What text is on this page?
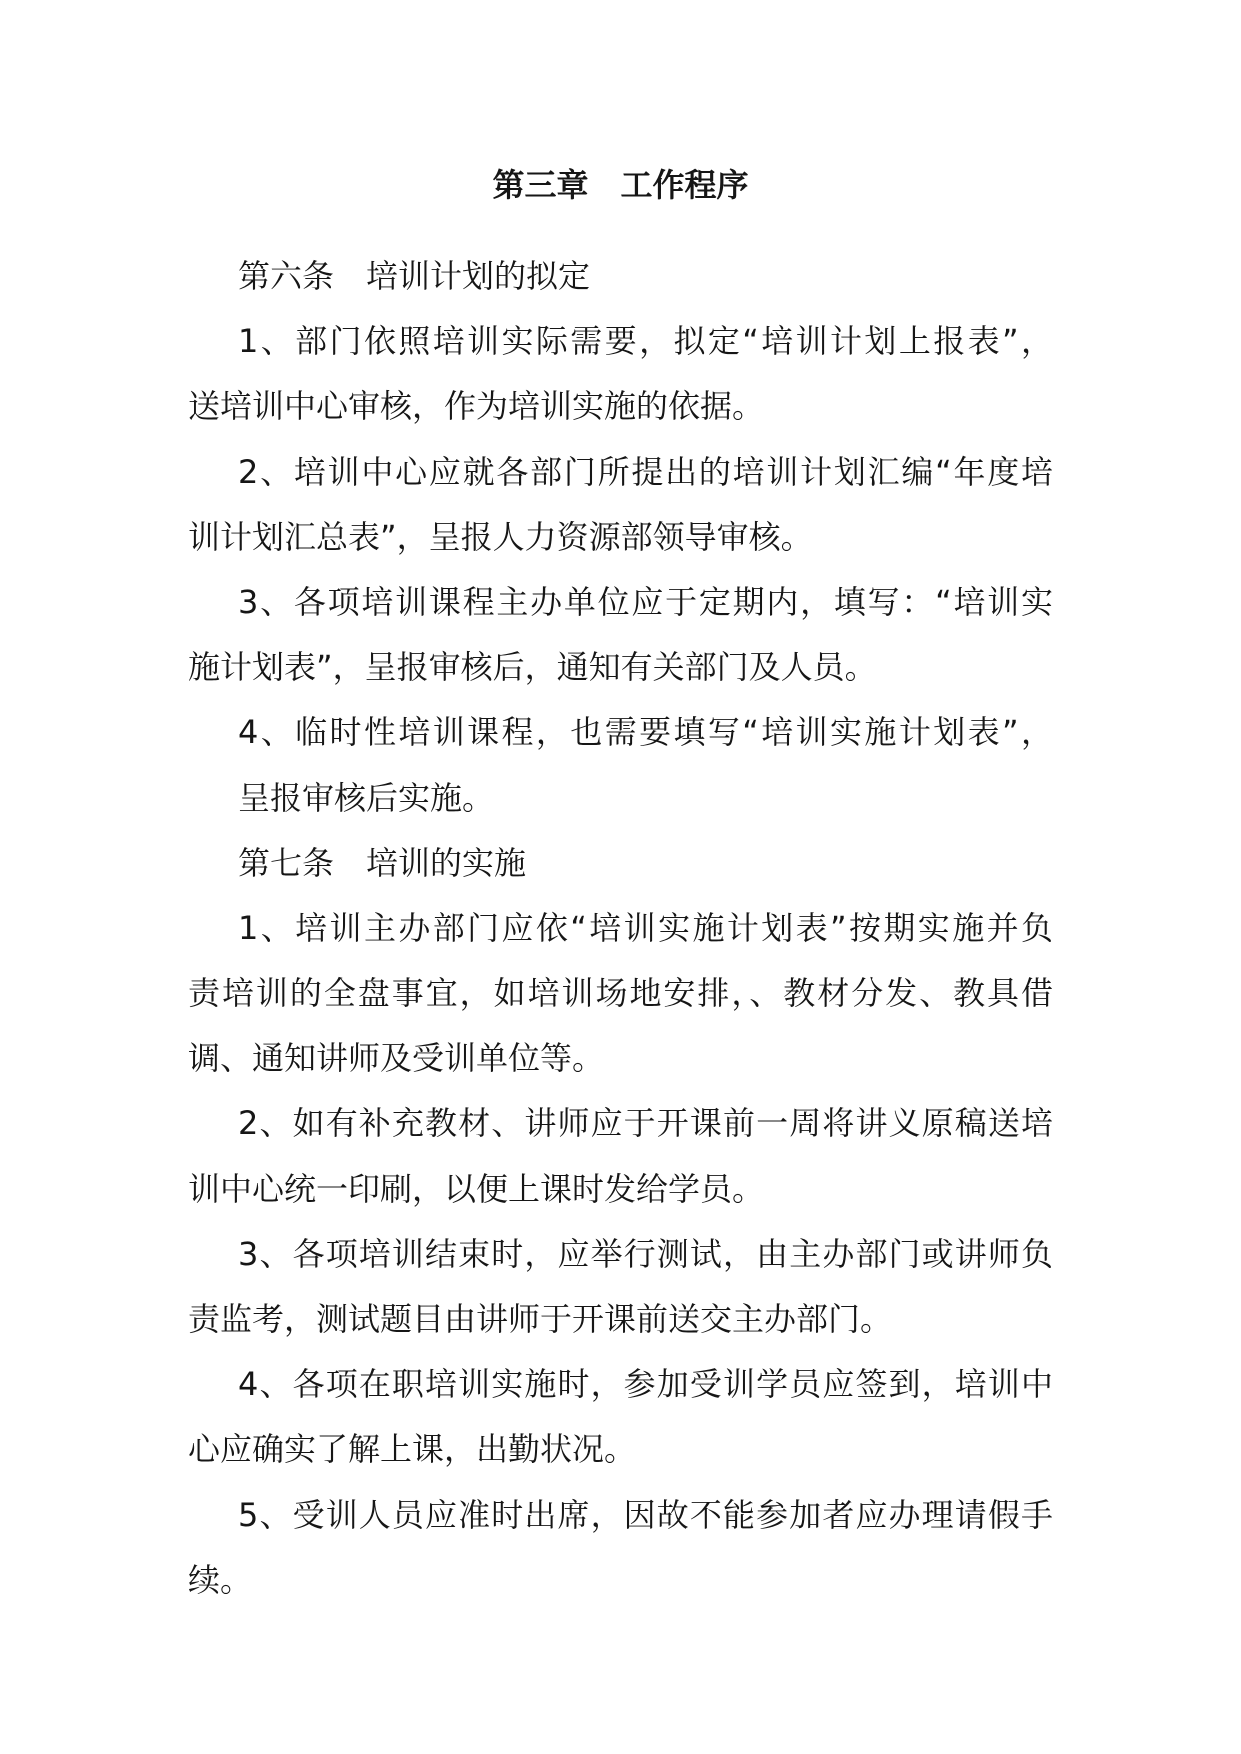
第三章　工作程序
第六条　培训计划的拟定
1、部门依照培训实际需要，拟定“培训计划上报表”，
送培训中心审核，作为培训实施的依据。
2、培训中心应就各部门所提出的培训计划汇编“年度培
训计划汇总表”，呈报人力资源部领导审核。
3、各项培训课程主办单位应于定期内，填写：“培训实
施计划表”，呈报审核后，通知有关部门及人员。
4、临时性培训课程，也需要填写“培训实施计划表”，
呈报审核后实施。
第七条　培训的实施
1、培训主办部门应依“培训实施计划表”按期实施并负
责培训的全盘事宜，如培训场地安排，、教材分发、教具借
调、通知讲师及受训单位等。
2、如有补充教材、讲师应于开课前一周将讲义原稿送培
训中心统一印刷，以便上课时发给学员。
3、各项培训结束时，应举行测试，由主办部门或讲师负
责监考，测试题目由讲师于开课前送交主办部门。
4、各项在职培训实施时，参加受训学员应签到，培训中
心应确实了解上课，出勤状况。
5、受训人员应准时出席，因故不能参加者应办理请假手
续。
